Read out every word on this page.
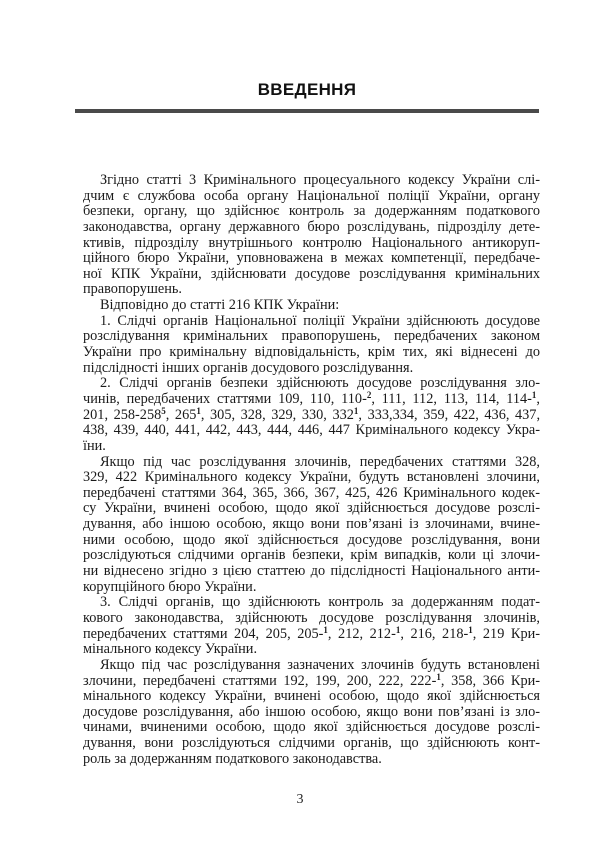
ВВЕДЕННЯ
Згідно статті 3 Кримінального процесуального кодексу України слі-
дчим є службова особа органу Національної поліції України, органу
безпеки, органу, що здійснює контроль за додержанням податкового
законодавства, органу державного бюро розслідувань, підрозділу дете-
ктивів, підрозділу внутрішнього контролю Національного антикоруп-
ційного бюро України, уповноважена в межах компетенції, передбаче-
ної КПК України, здійснювати досудове розслідування кримінальних
правопорушень.
Відповідно до статті 216 КПК України:
1. Слідчі органів Національної поліції України здійснюють досудове
розслідування кримінальних правопорушень, передбачених законом
України про кримінальну відповідальність, крім тих, які віднесені до
підслідності інших органів досудового розслідування.
2. Слідчі органів безпеки здійснюють досудове розслідування зло-
чинів, передбачених статтями 109, 110, 110-$^2$, 111, 112, 113, 114, 114-$^1$,
201, $258-258^5$, $265^1$, 305, 328, 329, 330, $332^1$, 333,334, 359, 422, 436, 437,
438, 439, 440, 441, 442, 443, 444, 446, 447 Кримінального кодексу Укра-
їни.
Якщо під час розслідування злочинів, передбачених статтями 328,
329, 422 Кримінального кодексу України, будуть встановлені злочини,
передбачені статтями 364, 365, 366, 367, 425, 426 Кримінального кодек-
су України, вчинені особою, щодо якої здійснюється досудове розслі-
дування, або іншою особою, якщо вони пов’язані із злочинами, вчине-
ними особою, щодо якої здійснюється досудове розслідування, вони
розслідуються слідчими органів безпеки, крім випадків, коли ці злочи-
ни віднесено згідно з цією статтею до підслідності Національного анти-
корупційного бюро України.
3. Слідчі органів, що здійснюють контроль за додержанням подат-
кового законодавства, здійснюють досудове розслідування злочинів,
передбачених статтями 204, 205, 205-$^1$, 212, 212-$^1$, 216, 218-$^1$, 219 Кри-
мінального кодексу України.
Якщо під час розслідування зазначених злочинів будуть встановлені
злочини, передбачені статтями 192, 199, 200, 222, 222-$^1$, 358, 366 Кри-
мінального кодексу України, вчинені особою, щодо якої здійснюється
досудове розслідування, або іншою особою, якщо вони пов’язані із зло-
чинами, вчиненими особою, щодо якої здійснюється досудове розслі-
дування, вони розслідуються слідчими органів, що здійснюють конт-
роль за додержанням податкового законодавства.
3
